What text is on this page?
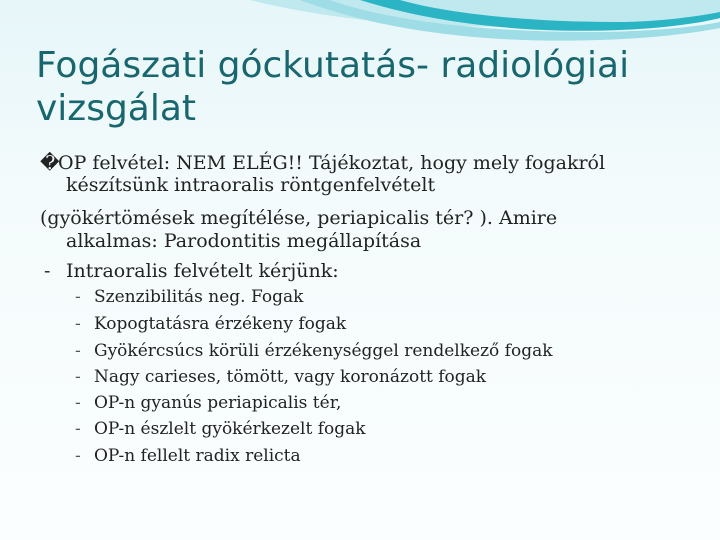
Fogászati góckutatás- radiológiai
vizsgálat
�OP felvétel: NEM ELÉG!! Tájékoztat, hogy mely fogakról
készítsünk intraoralis röntgenfelvételt
(gyökértömések megítélése, periapicalis tér? ). Amire
alkalmas: Parodontitis megállapítása
- Intraoralis felvételt kérjünk:
- Szenzibilitás neg. Fogak
- Kopogtatásra érzékeny fogak
- Gyökércsúcs körüli érzékenységgel rendelkező fogak
- Nagy carieses, tömött, vagy koronázott fogak
- OP-n gyanús periapicalis tér,
- OP-n észlelt gyökérkezelt fogak
- OP-n fellelt radix relicta
